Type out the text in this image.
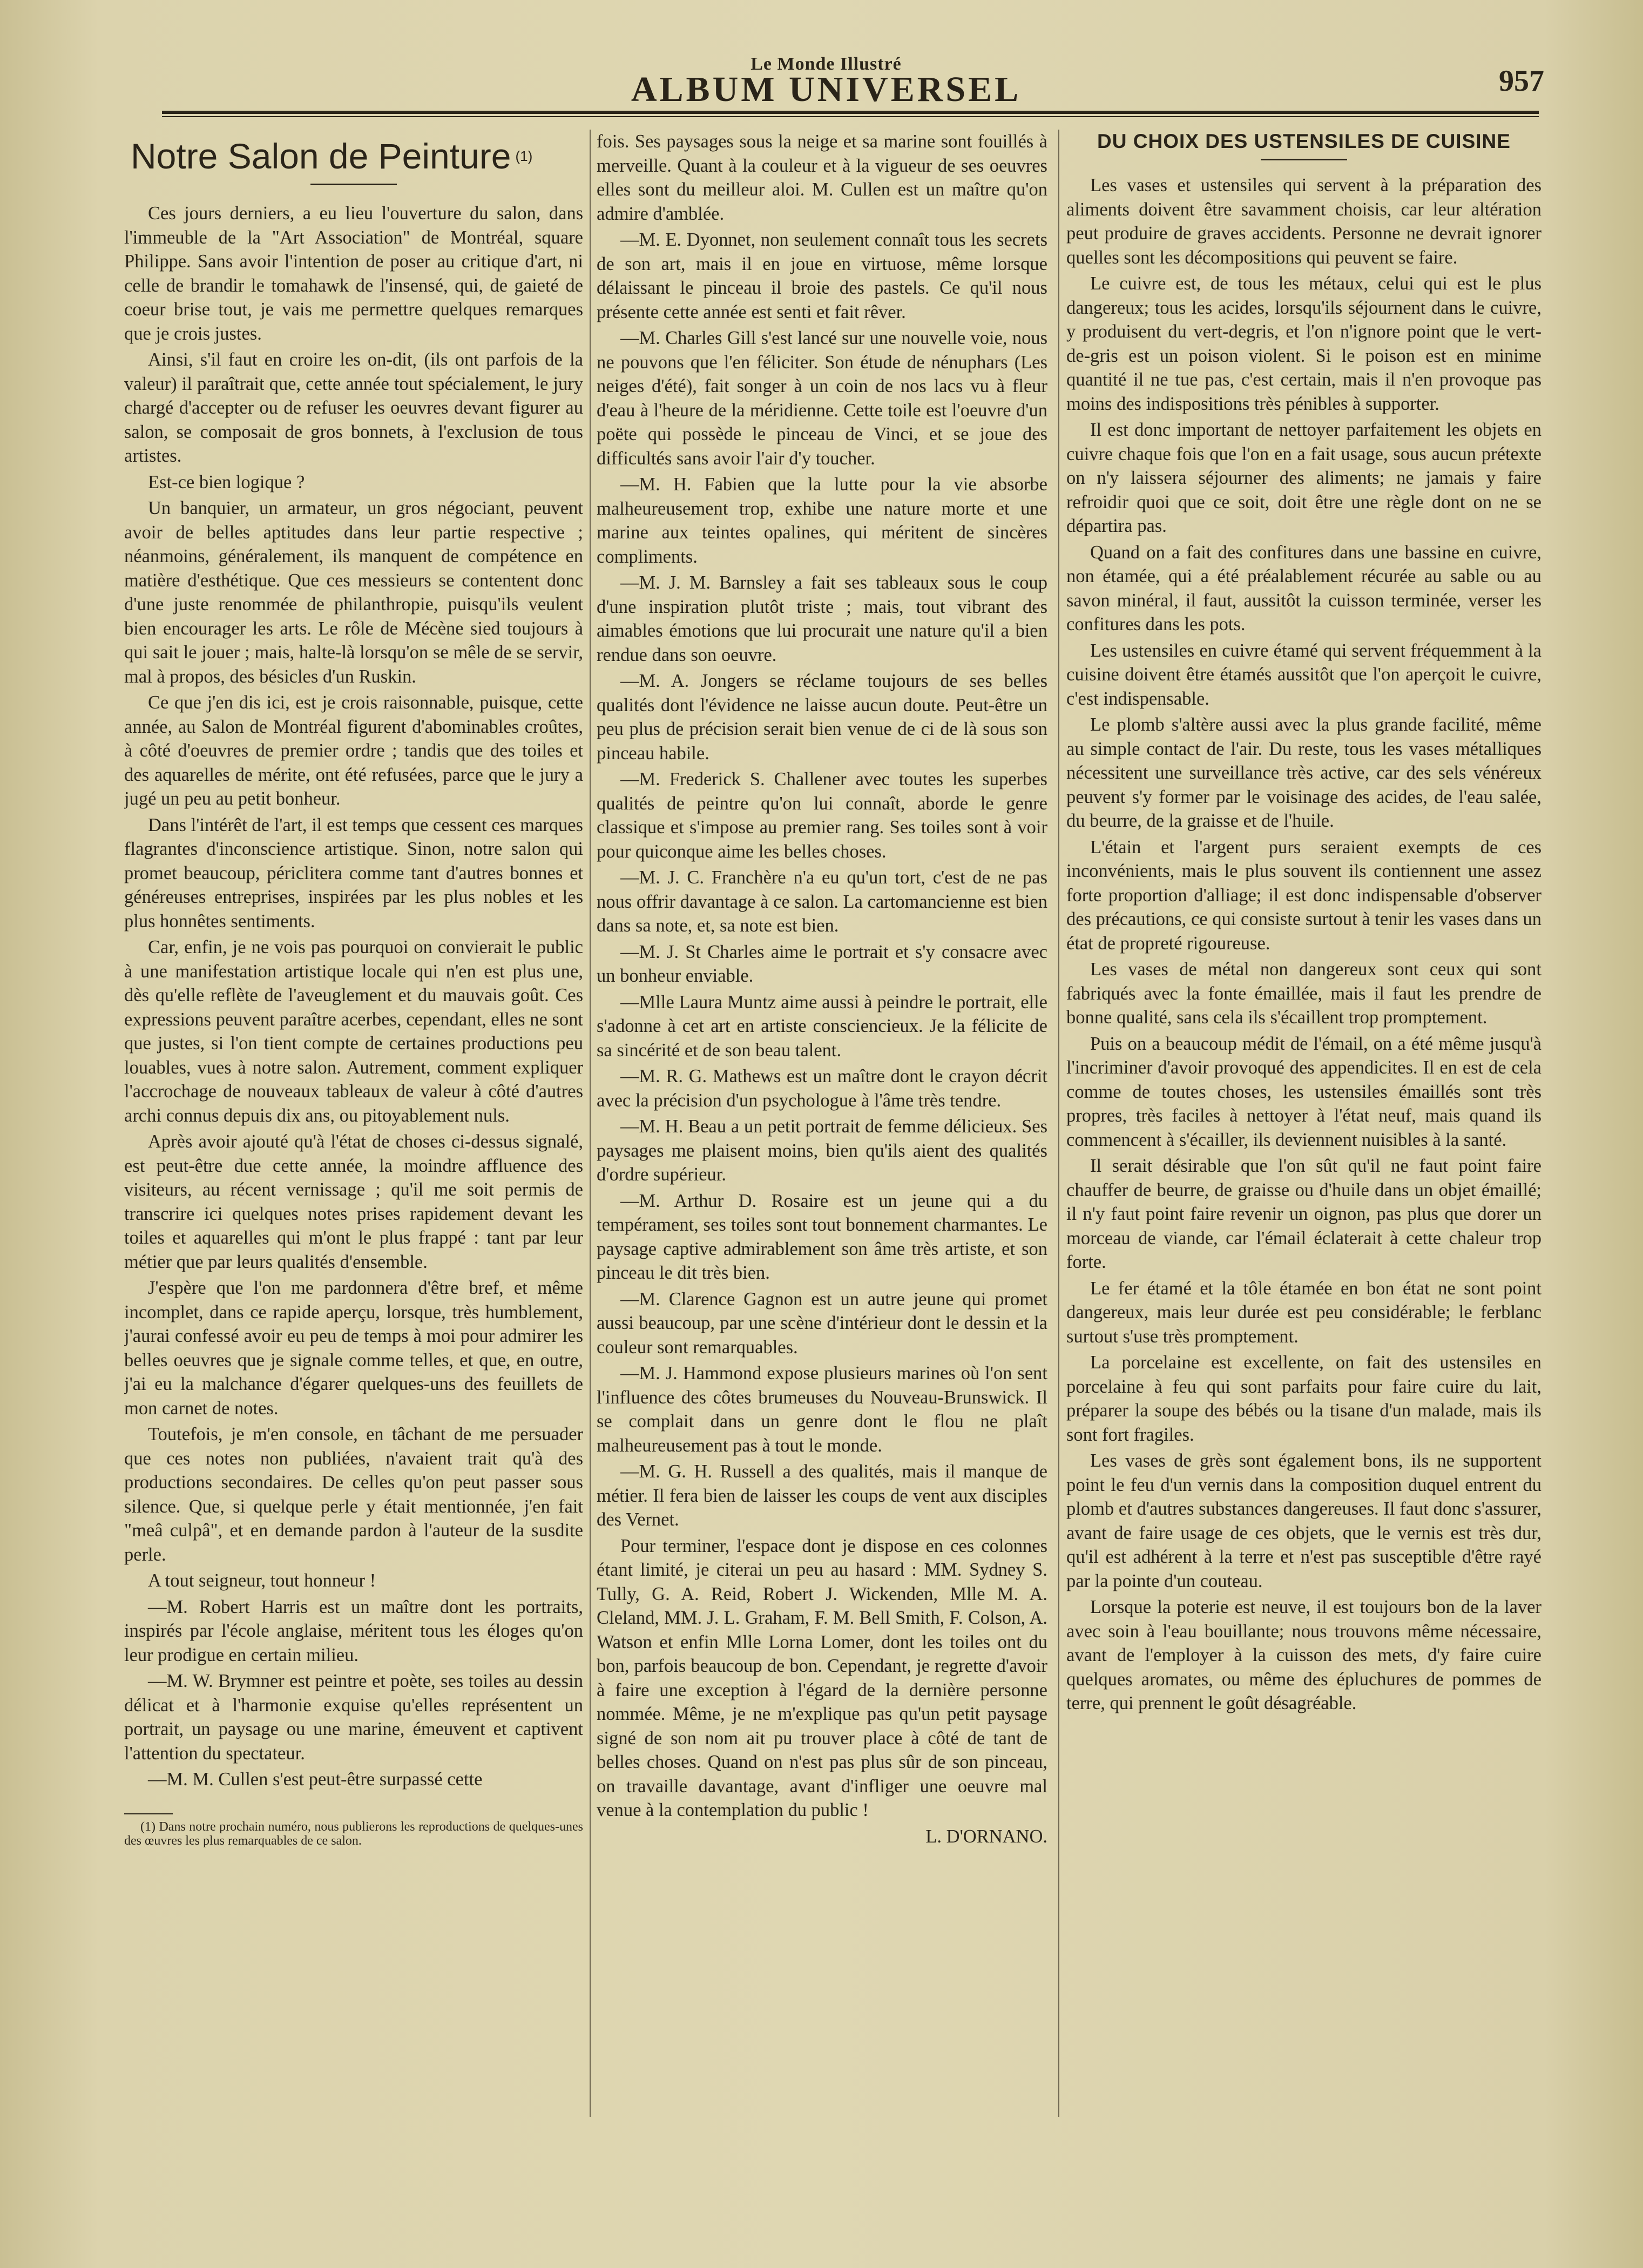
Le Monde Illustré
ALBUM UNIVERSEL	957
Notre Salon de Peinture $^{(1)}$

Ces jours derniers, a eu lieu l'ouverture du salon, dans l'immeuble de la "Art Association" de Montréal, square Philippe. Sans avoir l'intention de poser au critique d'art, ni celle de brandir le tomahawk de l'insensé, qui, de gaieté de coeur brise tout, je vais me permettre quelques remarques que je crois justes.

Ainsi, s'il faut en croire les on-dit, (ils ont parfois de la valeur) il paraîtrait que, cette année tout spécialement, le jury chargé d'accepter ou de refuser les oeuvres devant figurer au salon, se composait de gros bonnets, à l'exclusion de tous artistes.

Est-ce bien logique ?

Un banquier, un armateur, un gros négociant, peuvent avoir de belles aptitudes dans leur partie respective ; néanmoins, généralement, ils manquent de compétence en matière d'esthétique. Que ces messieurs se contentent donc d'une juste renommée de philanthropie, puisqu'ils veulent bien encourager les arts. Le rôle de Mécène sied toujours à qui sait le jouer ; mais, halte-là lorsqu'on se mêle de se servir, mal à propos, des bésicles d'un Ruskin.

Ce que j'en dis ici, est je crois raisonnable, puisque, cette année, au Salon de Montréal figurent d'abominables croûtes, à côté d'oeuvres de premier ordre ; tandis que des toiles et des aquarelles de mérite, ont été refusées, parce que le jury a jugé un peu au petit bonheur.

Dans l'intérêt de l'art, il est temps que cessent ces marques flagrantes d'inconscience artistique. Sinon, notre salon qui promet beaucoup, périclitera comme tant d'autres bonnes et généreuses entreprises, inspirées par les plus nobles et les plus honnêtes sentiments.

Car, enfin, je ne vois pas pourquoi on convierait le public à une manifestation artistique locale qui n'en est plus une, dès qu'elle reflète de l'aveuglement et du mauvais goût. Ces expressions peuvent paraître acerbes, cependant, elles ne sont que justes, si l'on tient compte de certaines productions peu louables, vues à notre salon. Autrement, comment expliquer l'accrochage de nouveaux tableaux de valeur à côté d'autres archi connus depuis dix ans, ou pitoyablement nuls.

Après avoir ajouté qu'à l'état de choses ci-dessus signalé, est peut-être due cette année, la moindre affluence des visiteurs, au récent vernissage ; qu'il me soit permis de transcrire ici quelques notes prises rapidement devant les toiles et aquarelles qui m'ont le plus frappé : tant par leur métier que par leurs qualités d'ensemble.

J'espère que l'on me pardonnera d'être bref, et même incomplet, dans ce rapide aperçu, lorsque, très humblement, j'aurai confessé avoir eu peu de temps à moi pour admirer les belles oeuvres que je signale comme telles, et que, en outre, j'ai eu la malchance d'égarer quelques-uns des feuillets de mon carnet de notes.

Toutefois, je m'en console, en tâchant de me persuader que ces notes non publiées, n'avaient trait qu'à des productions secondaires. De celles qu'on peut passer sous silence. Que, si quelque perle y était mentionnée, j'en fait "meâ culpâ", et en demande pardon à l'auteur de la susdite perle.

A tout seigneur, tout honneur !

—M. Robert Harris est un maître dont les portraits, inspirés par l'école anglaise, méritent tous les éloges qu'on leur prodigue en certain milieu.

—M. W. Brymner est peintre et poète, ses toiles au dessin délicat et à l'harmonie exquise qu'elles représentent un portrait, un paysage ou une marine, émeuvent et captivent l'attention du spectateur.

—M. M. Cullen s'est peut-être surpassé cette

(1) Dans notre prochain numéro, nous publierons les reproductions de quelques-unes des œuvres les plus remarquables de ce salon.

fois. Ses paysages sous la neige et sa marine sont fouillés à merveille. Quant à la couleur et à la vigueur de ses oeuvres elles sont du meilleur aloi. M. Cullen est un maître qu'on admire d'amblée.

—M. E. Dyonnet, non seulement connaît tous les secrets de son art, mais il en joue en virtuose, même lorsque délaissant le pinceau il broie des pastels. Ce qu'il nous présente cette année est senti et fait rêver.

—M. Charles Gill s'est lancé sur une nouvelle voie, nous ne pouvons que l'en féliciter. Son étude de nénuphars (Les neiges d'été), fait songer à un coin de nos lacs vu à fleur d'eau à l'heure de la méridienne. Cette toile est l'oeuvre d'un poëte qui possède le pinceau de Vinci, et se joue des difficultés sans avoir l'air d'y toucher.

—M. H. Fabien que la lutte pour la vie absorbe malheureusement trop, exhibe une nature morte et une marine aux teintes opalines, qui méritent de sincères compliments.

—M. J. M. Barnsley a fait ses tableaux sous le coup d'une inspiration plutôt triste ; mais, tout vibrant des aimables émotions que lui procurait une nature qu'il a bien rendue dans son oeuvre.

—M. A. Jongers se réclame toujours de ses belles qualités dont l'évidence ne laisse aucun doute. Peut-être un peu plus de précision serait bien venue de ci de là sous son pinceau habile.

—M. Frederick S. Challener avec toutes les superbes qualités de peintre qu'on lui connaît, aborde le genre classique et s'impose au premier rang. Ses toiles sont à voir pour quiconque aime les belles choses.

—M. J. C. Franchère n'a eu qu'un tort, c'est de ne pas nous offrir davantage à ce salon. La cartomancienne est bien dans sa note, et, sa note est bien.

—M. J. St Charles aime le portrait et s'y consacre avec un bonheur enviable.

—Mlle Laura Muntz aime aussi à peindre le portrait, elle s'adonne à cet art en artiste consciencieux. Je la félicite de sa sincérité et de son beau talent.

—M. R. G. Mathews est un maître dont le crayon décrit avec la précision d'un psychologue à l'âme très tendre.

—M. H. Beau a un petit portrait de femme délicieux. Ses paysages me plaisent moins, bien qu'ils aient des qualités d'ordre supérieur.

—M. Arthur D. Rosaire est un jeune qui a du tempérament, ses toiles sont tout bonnement charmantes. Le paysage captive admirablement son âme très artiste, et son pinceau le dit très bien.

—M. Clarence Gagnon est un autre jeune qui promet aussi beaucoup, par une scène d'intérieur dont le dessin et la couleur sont remarquables.

—M. J. Hammond expose plusieurs marines où l'on sent l'influence des côtes brumeuses du Nouveau-Brunswick. Il se complait dans un genre dont le flou ne plaît malheureusement pas à tout le monde.

—M. G. H. Russell a des qualités, mais il manque de métier. Il fera bien de laisser les coups de vent aux disciples des Vernet.

Pour terminer, l'espace dont je dispose en ces colonnes étant limité, je citerai un peu au hasard : MM. Sydney S. Tully, G. A. Reid, Robert J. Wickenden, Mlle M. A. Cleland, MM. J. L. Graham, F. M. Bell Smith, F. Colson, A. Watson et enfin Mlle Lorna Lomer, dont les toiles ont du bon, parfois beaucoup de bon. Cependant, je regrette d'avoir à faire une exception à l'égard de la dernière personne nommée. Même, je ne m'explique pas qu'un petit paysage signé de son nom ait pu trouver place à côté de tant de belles choses. Quand on n'est pas plus sûr de son pinceau, on travaille davantage, avant d'infliger une oeuvre mal venue à la contemplation du public !

L. D'ORNANO.

DU CHOIX DES USTENSILES DE CUISINE

Les vases et ustensiles qui servent à la préparation des aliments doivent être savamment choisis, car leur altération peut produire de graves accidents. Personne ne devrait ignorer quelles sont les décompositions qui peuvent se faire.

Le cuivre est, de tous les métaux, celui qui est le plus dangereux; tous les acides, lorsqu'ils séjournent dans le cuivre, y produisent du vert-degris, et l'on n'ignore point que le vert-de-gris est un poison violent. Si le poison est en minime quantité il ne tue pas, c'est certain, mais il n'en provoque pas moins des indispositions très pénibles à supporter.

Il est donc important de nettoyer parfaitement les objets en cuivre chaque fois que l'on en a fait usage, sous aucun prétexte on n'y laissera séjourner des aliments; ne jamais y faire refroidir quoi que ce soit, doit être une règle dont on ne se départira pas.

Quand on a fait des confitures dans une bassine en cuivre, non étamée, qui a été préalablement récurée au sable ou au savon minéral, il faut, aussitôt la cuisson terminée, verser les confitures dans les pots.

Les ustensiles en cuivre étamé qui servent fréquemment à la cuisine doivent être étamés aussitôt que l'on aperçoit le cuivre, c'est indispensable.

Le plomb s'altère aussi avec la plus grande facilité, même au simple contact de l'air. Du reste, tous les vases métalliques nécessitent une surveillance très active, car des sels vénéreux peuvent s'y former par le voisinage des acides, de l'eau salée, du beurre, de la graisse et de l'huile.

L'étain et l'argent purs seraient exempts de ces inconvénients, mais le plus souvent ils contiennent une assez forte proportion d'alliage; il est donc indispensable d'observer des précautions, ce qui consiste surtout à tenir les vases dans un état de propreté rigoureuse.

Les vases de métal non dangereux sont ceux qui sont fabriqués avec la fonte émaillée, mais il faut les prendre de bonne qualité, sans cela ils s'écaillent trop promptement.

Puis on a beaucoup médit de l'émail, on a été même jusqu'à l'incriminer d'avoir provoqué des appendicites. Il en est de cela comme de toutes choses, les ustensiles émaillés sont très propres, très faciles à nettoyer à l'état neuf, mais quand ils commencent à s'écailler, ils deviennent nuisibles à la santé.

Il serait désirable que l'on sût qu'il ne faut point faire chauffer de beurre, de graisse ou d'huile dans un objet émaillé; il n'y faut point faire revenir un oignon, pas plus que dorer un morceau de viande, car l'émail éclaterait à cette chaleur trop forte.

Le fer étamé et la tôle étamée en bon état ne sont point dangereux, mais leur durée est peu considérable; le ferblanc surtout s'use très promptement.

La porcelaine est excellente, on fait des ustensiles en porcelaine à feu qui sont parfaits pour faire cuire du lait, préparer la soupe des bébés ou la tisane d'un malade, mais ils sont fort fragiles.

Les vases de grès sont également bons, ils ne supportent point le feu d'un vernis dans la composition duquel entrent du plomb et d'autres substances dangereuses. Il faut donc s'assurer, avant de faire usage de ces objets, que le vernis est très dur, qu'il est adhérent à la terre et n'est pas susceptible d'être rayé par la pointe d'un couteau.

Lorsque la poterie est neuve, il est toujours bon de la laver avec soin à l'eau bouillante; nous trouvons même nécessaire, avant de l'employer à la cuisson des mets, d'y faire cuire quelques aromates, ou même des épluchures de pommes de terre, qui prennent le goût désagréable.
